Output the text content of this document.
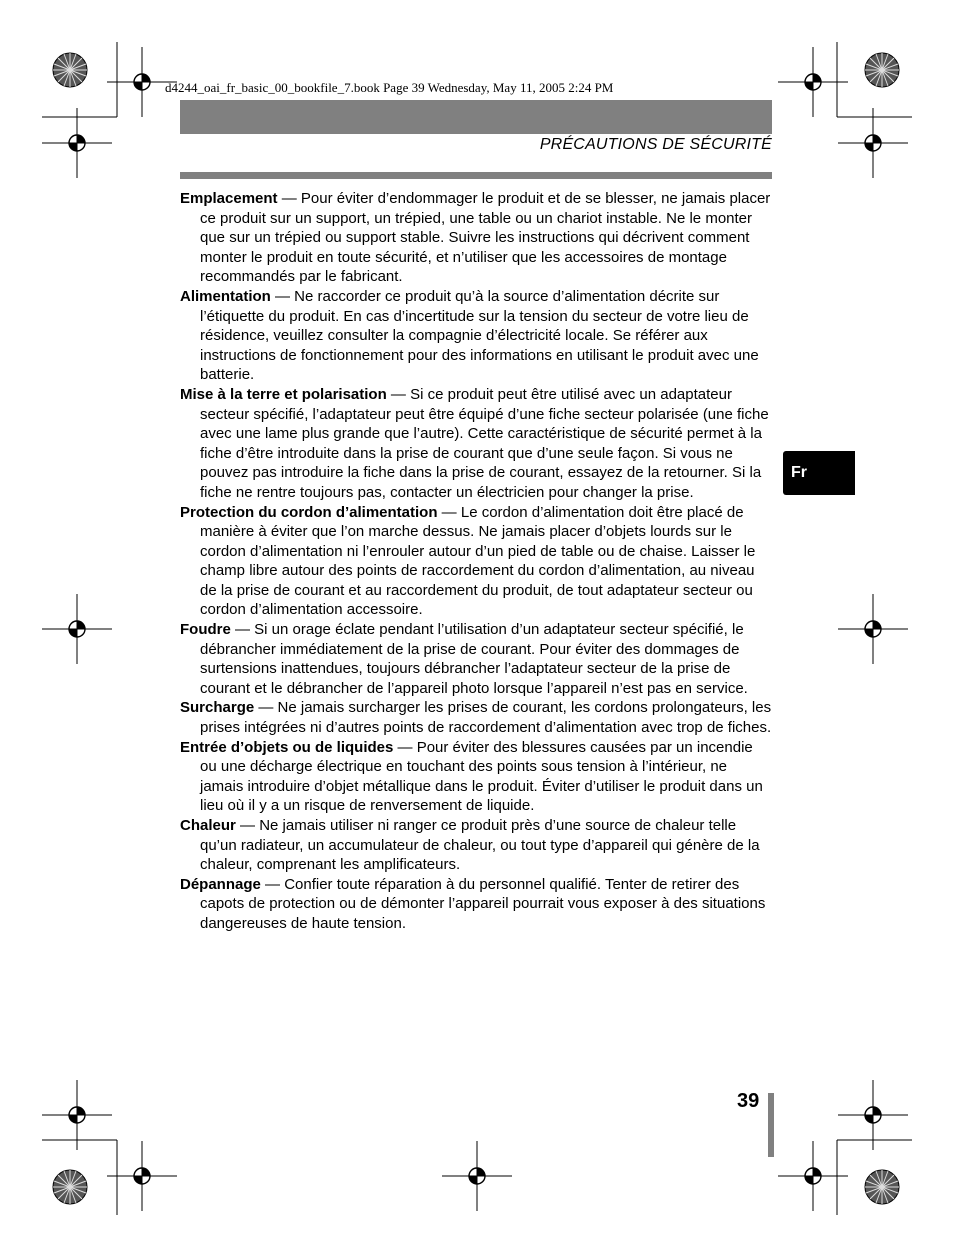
d4244_oai_fr_basic_00_bookfile_7.book Page 39 Wednesday, May 11, 2005 2:24 PM
PRÉCAUTIONS DE SÉCURITÉ

Emplacement — Pour éviter d’endommager le produit et de se blesser, ne jamais placer ce produit sur un support, un trépied, une table ou un chariot instable. Ne le monter que sur un trépied ou support stable. Suivre les instructions qui décrivent comment monter le produit en toute sécurité, et n’utiliser que les accessoires de montage recommandés par le fabricant.

Alimentation — Ne raccorder ce produit qu’à la source d’alimentation décrite sur l’étiquette du produit. En cas d’incertitude sur la tension du secteur de votre lieu de résidence, veuillez consulter la compagnie d’électricité locale. Se référer aux instructions de fonctionnement pour des informations en utilisant le produit avec une batterie.

Mise à la terre et polarisation — Si ce produit peut être utilisé avec un adaptateur secteur spécifié, l’adaptateur peut être équipé d’une fiche secteur polarisée (une fiche avec une lame plus grande que l’autre). Cette caractéristique de sécurité permet à la fiche d’être introduite dans la prise de courant que d’une seule façon. Si vous ne pouvez pas introduire la fiche dans la prise de courant, essayez de la retourner. Si la fiche ne rentre toujours pas, contacter un électricien pour changer la prise.

Protection du cordon d’alimentation — Le cordon d’alimentation doit être placé de manière à éviter que l’on marche dessus. Ne jamais placer d’objets lourds sur le cordon d’alimentation ni l’enrouler autour d’un pied de table ou de chaise. Laisser le champ libre autour des points de raccordement du cordon d’alimentation, au niveau de la prise de courant et au raccordement du produit, de tout adaptateur secteur ou cordon d’alimentation accessoire.

Foudre — Si un orage éclate pendant l’utilisation d’un adaptateur secteur spécifié, le débrancher immédiatement de la prise de courant. Pour éviter des dommages de surtensions inattendues, toujours débrancher l’adaptateur secteur de la prise de courant et le débrancher de l’appareil photo lorsque l’appareil n’est pas en service.

Surcharge — Ne jamais surcharger les prises de courant, les cordons prolongateurs, les prises intégrées ni d’autres points de raccordement d’alimentation avec trop de fiches.

Entrée d’objets ou de liquides — Pour éviter des blessures causées par un incendie ou une décharge électrique en touchant des points sous tension à l’intérieur, ne jamais introduire d’objet métallique dans le produit. Éviter d’utiliser le produit dans un lieu où il y a un risque de renversement de liquide.

Chaleur — Ne jamais utiliser ni ranger ce produit près d’une source de chaleur telle qu’un radiateur, un accumulateur de chaleur, ou tout type d’appareil qui génère de la chaleur, comprenant les amplificateurs.

Dépannage — Confier toute réparation à du personnel qualifié. Tenter de retirer des capots de protection ou de démonter l’appareil pourrait vous exposer à des situations dangereuses de haute tension.

Fr
39
